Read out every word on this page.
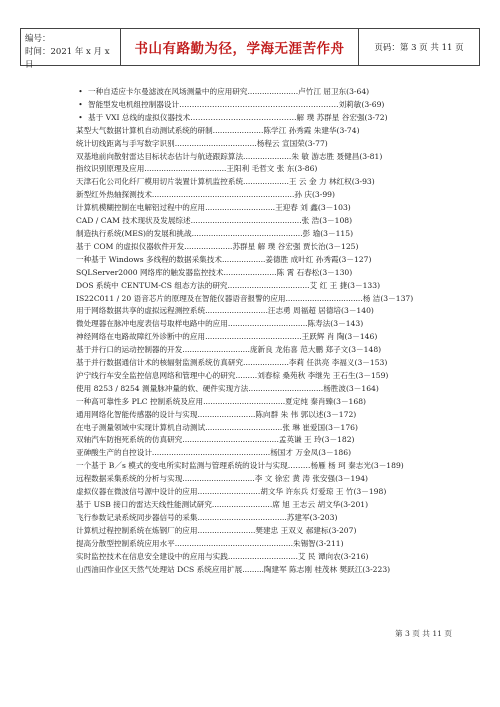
编号：
时间：2021 年 x 月 x 日
书山有路勤为径，学海无涯苦作舟	页码：第 3 页 共 11 页
• 一种自适应卡尔曼滤波在风场测量中的应用研究.....................卢竹江 屈卫东(3-64)
• 智能型发电机组控制器设计………………………………………………………刘莉敏(3-69)
• 基于 VXI 总线的虚拟仪器技术……………………………………解 璞 苏群星 谷宏强(3-72)
某型大气数据计算机自动测试系统的研制.....................陈学江 孙秀霞 朱建华(3-74)
统计切线距离与手写数字识别..................................杨程云 宣国荣(3-77)
双基地前向散射雷达目标状态估计与航迹跟踪算法....................朱 敏 游志胜 聂健昌(3-81)
指纹识别原理及应用..................................王阳利 毛哲文 张 东(3-86)
天津石化公司化纤厂模用切片装置计算机监控系统...................王 云 金 力 林红权(3-93)
新型红外热轴探测技术...........................................................孙 庆(3-99)
计算机模糊控制在电解铝过程中的应用.............................王迎春 刘 鑫(3－103)
CAD / CAM 技术现状及发展综述..............................................张 浩(3－108)
制造执行系统(MES)的发展和挑战..............................................彭 瑜(3－115)
基于 COM 的虚拟仪器软件开发....................苏群星 解 璞 谷宏强 贾长治(3－125)
一种基于 Windows 多线程的数据采集技术..................姜德胜 成叶红 孙秀霞(3－127)
SQLServer2000 网络库的触发器监控技术......................陈 霄 石春松(3－130)
DOS 系统中 CENTUM-CS 组态方法的研究..................................艾 红 王 捷(3－133)
IS22C011 / 20 语音芯片的原理及在智能仪器语音报警的应用................................杨 洁(3－137)
用于网络数据共享的虚拟远程测控系统..........................汪志勇 周福超 居德培(3－140)
微处理器在脉冲电度表信号取样电路中的应用.................................陈寿法(3－143)
神经网络在电路故障红外诊断中的应用........................................王跃辉 肖 陶(3－146)
基于并行口的运动控制器的开发............................庞新良 龙佑喜 范大鹏 郑子文(3－148)
基于并行数据通信计术的核辐射监测系统仿真研究...................李莉 任洪亮 李福义(3－153)
沪宁线行车安全监控信息网络和管理中心的研究.........刘春棕 桑苑秋 李继先 王石生(3－159)
使用 8253 / 8254 测量脉冲量的软、硬件实现方法...............................杨胜波(3－164)
一种高可靠性多 PLC 控制系统及应用..................................夏定纯 秦肖臻(3－168)
通用网络化智能传感器的设计与实现........................陈向群 朱 伟 郭以述(3－172)
在电子测量领域中实现计算机自动测试................................张 琳 崔爱国(3－176)
双轴汽车防抱死系统的仿真研究........................................孟英谦 王 玲(3－182)
亚砷酸生产的自控设计.................................................杨国才 万金凤(3－186)
一个基于 B／s 模式的变电所实时监测与管理系统的设计与实现………杨雁 杨 珂 秦志光(3－189)
远程数据采集系统的分析与实现..............................李 文 徐宏 黄 涛 张安强(3－194)
虚拟仪器在微波信号源中设计的应用..........................胡文华 许东兵 灯爱琼 王 竹(3－198)
基于 USB 接口的雷达天线性能测试研究.........................席 旭 王志云 胡文华(3-201)
飞行参数记录系统同步器信号的采集.....................................苏建军(3-203)
计算机过程控制系统在炼钢厂的应用........................樊建忠 王双义 郝建标(3-207)
提高分散型控制系统应用水平.................................................朱锡智(3-211)
实时监控技术在信息安全建设中的应用与实践.............................艾 民 谭向农(3-216)
山西油田作业区天然气处理站 DCS 系统应用扩展.........陶建军 陈志刚 桂茂林 樊跃江(3-223)
第 3 页 共 11 页
